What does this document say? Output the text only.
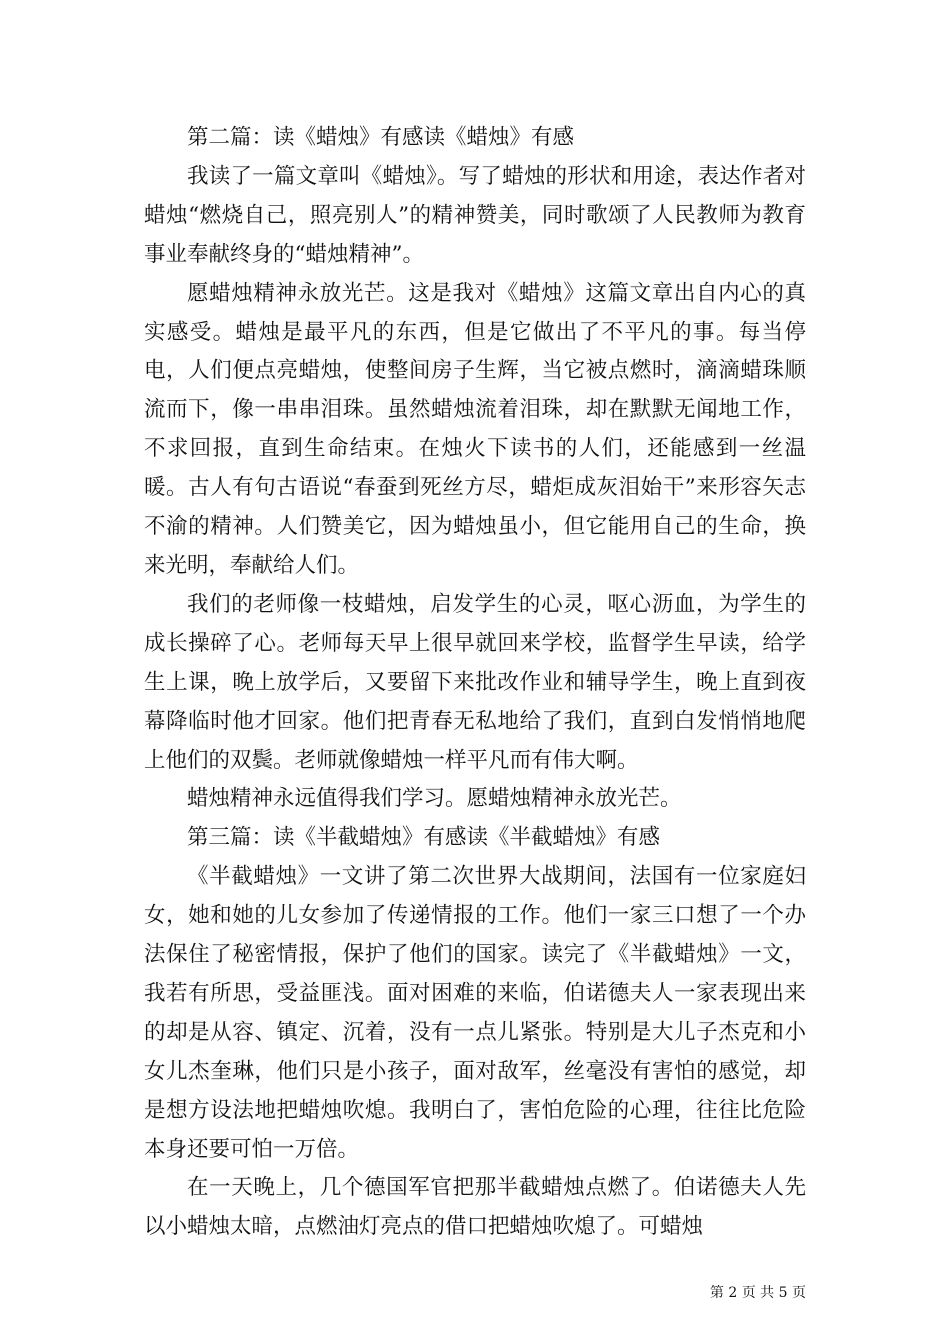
第二篇：读《蜡烛》有感读《蜡烛》有感

我读了一篇文章叫《蜡烛》。写了蜡烛的形状和用途，表达作者对蜡烛“燃烧自己，照亮别人”的精神赞美，同时歌颂了人民教师为教育事业奉献终身的“蜡烛精神”。

愿蜡烛精神永放光芒。这是我对《蜡烛》这篇文章出自内心的真实感受。蜡烛是最平凡的东西，但是它做出了不平凡的事。每当停电，人们便点亮蜡烛，使整间房子生辉，当它被点燃时，滴滴蜡珠顺流而下，像一串串泪珠。虽然蜡烛流着泪珠，却在默默无闻地工作，不求回报，直到生命结束。在烛火下读书的人们，还能感到一丝温暖。古人有句古语说“春蚕到死丝方尽，蜡炬成灰泪始干”来形容矢志不渝的精神。人们赞美它，因为蜡烛虽小，但它能用自己的生命，换来光明，奉献给人们。

我们的老师像一枝蜡烛，启发学生的心灵，呕心沥血，为学生的成长操碎了心。老师每天早上很早就回来学校，监督学生早读，给学生上课，晚上放学后，又要留下来批改作业和辅导学生，晚上直到夜幕降临时他才回家。他们把青春无私地给了我们，直到白发悄悄地爬上他们的双鬓。老师就像蜡烛一样平凡而有伟大啊。

蜡烛精神永远值得我们学习。愿蜡烛精神永放光芒。

第三篇：读《半截蜡烛》有感读《半截蜡烛》有感

《半截蜡烛》一文讲了第二次世界大战期间，法国有一位家庭妇女，她和她的儿女参加了传递情报的工作。他们一家三口想了一个办法保住了秘密情报，保护了他们的国家。读完了《半截蜡烛》一文，我若有所思，受益匪浅。面对困难的来临，伯诺德夫人一家表现出来的却是从容、镇定、沉着，没有一点儿紧张。特别是大儿子杰克和小女儿杰奎琳，他们只是小孩子，面对敌军，丝毫没有害怕的感觉，却是想方设法地把蜡烛吹熄。我明白了，害怕危险的心理，往往比危险本身还要可怕一万倍。

在一天晚上，几个德国军官把那半截蜡烛点燃了。伯诺德夫人先以小蜡烛太暗，点燃油灯亮点的借口把蜡烛吹熄了。可蜡烛

第 2 页 共 5 页
